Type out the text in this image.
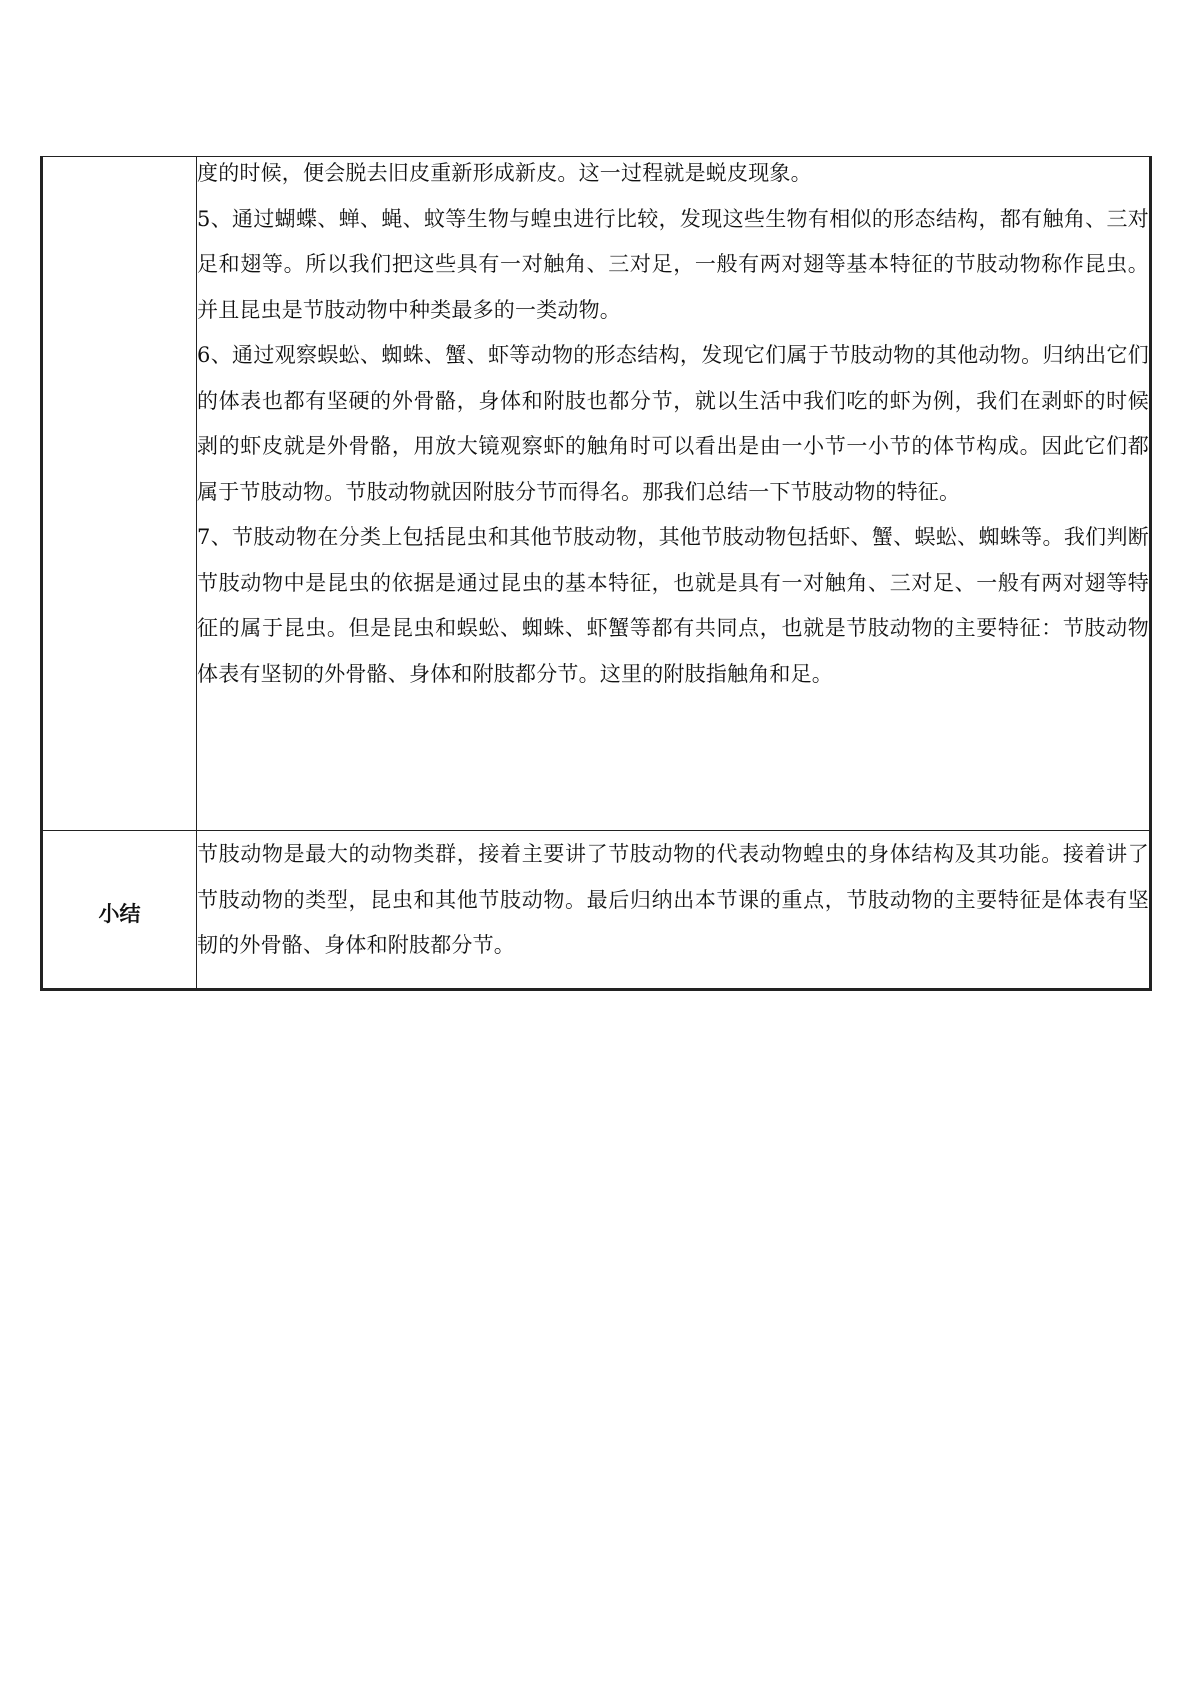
	度的时候，便会脱去旧皮重新形成新皮。这一过程就是蜕皮现象。

5、通过蝴蝶、蝉、蝇、蚊等生物与蝗虫进行比较，发现这些生物有相似的形态结构，都有触角、三对足和翅等。所以我们把这些具有一对触角、三对足，一般有两对翅等基本特征的节肢动物称作昆虫。并且昆虫是节肢动物中种类最多的一类动物。

6、通过观察蜈蚣、蜘蛛、蟹、虾等动物的形态结构，发现它们属于节肢动物的其他动物。归纳出它们的体表也都有坚硬的外骨骼，身体和附肢也都分节，就以生活中我们吃的虾为例，我们在剥虾的时候剥的虾皮就是外骨骼，用放大镜观察虾的触角时可以看出是由一小节一小节的体节构成。因此它们都属于节肢动物。节肢动物就因附肢分节而得名。那我们总结一下节肢动物的特征。

7、节肢动物在分类上包括昆虫和其他节肢动物，其他节肢动物包括虾、蟹、蜈蚣、蜘蛛等。我们判断节肢动物中是昆虫的依据是通过昆虫的基本特征，也就是具有一对触角、三对足、一般有两对翅等特征的属于昆虫。但是昆虫和蜈蚣、蜘蛛、虾蟹等都有共同点，也就是节肢动物的主要特征：节肢动物体表有坚韧的外骨骼、身体和附肢都分节。这里的附肢指触角和足。

小结	节肢动物是最大的动物类群，接着主要讲了节肢动物的代表动物蝗虫的身体结构及其功能。接着讲了节肢动物的类型，昆虫和其他节肢动物。最后归纳出本节课的重点，节肢动物的主要特征是体表有坚韧的外骨骼、身体和附肢都分节。
